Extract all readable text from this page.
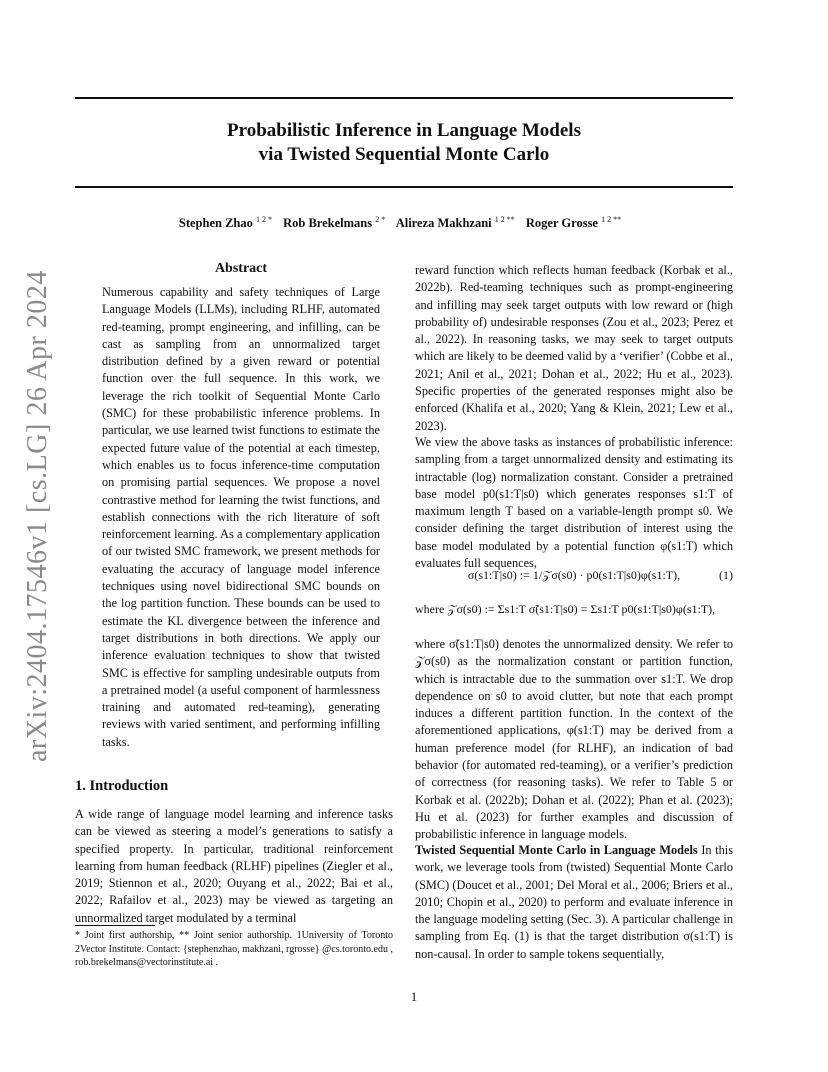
Probabilistic Inference in Language Models
via Twisted Sequential Monte Carlo
Stephen Zhao $^{1 2 *}$ Rob Brekelmans $^{2 *}$ Alireza Makhzani $^{1 2 **}$ Roger Grosse $^{1 2 **}$
arXiv:2404.17546v1 [cs.LG] 26 Apr 2024
Abstract

Numerous capability and safety techniques of Large Language Models (LLMs), including RLHF, automated red-teaming, prompt engineering, and infilling, can be cast as sampling from an unnormalized target distribution defined by a given reward or potential function over the full sequence. In this work, we leverage the rich toolkit of Sequential Monte Carlo (SMC) for these probabilistic inference problems. In particular, we use learned twist functions to estimate the expected future value of the potential at each timestep, which enables us to focus inference-time computation on promising partial sequences. We propose a novel contrastive method for learning the twist functions, and establish connections with the rich literature of soft reinforcement learning. As a complementary application of our twisted SMC framework, we present methods for evaluating the accuracy of language model inference techniques using novel bidirectional SMC bounds on the log partition function. These bounds can be used to estimate the KL divergence between the inference and target distributions in both directions. We apply our inference evaluation techniques to show that twisted SMC is effective for sampling undesirable outputs from a pretrained model (a useful component of harmlessness training and automated red-teaming), generating reviews with varied sentiment, and performing infilling tasks.

1. Introduction

A wide range of language model learning and inference tasks can be viewed as steering a model’s generations to satisfy a specified property. In particular, traditional reinforcement learning from human feedback (RLHF) pipelines (Ziegler et al., 2019; Stiennon et al., 2020; Ouyang et al., 2022; Bai et al., 2022; Rafailov et al., 2023) may be viewed as targeting an unnormalized target modulated by a terminal

* Joint first authorship, ** Joint senior authorship. 1University of Toronto 2Vector Institute. Contact: {stephenzhao, makhzani, rgrosse} @cs.toronto.edu , rob.brekelmans@vectorinstitute.ai .

reward function which reflects human feedback (Korbak et al., 2022b). Red-teaming techniques such as prompt-engineering and infilling may seek target outputs with low reward or (high probability of) undesirable responses (Zou et al., 2023; Perez et al., 2022). In reasoning tasks, we may seek to target outputs which are likely to be deemed valid by a ‘verifier’ (Cobbe et al., 2021; Anil et al., 2021; Dohan et al., 2022; Hu et al., 2023). Specific properties of the generated responses might also be enforced (Khalifa et al., 2020; Yang & Klein, 2021; Lew et al., 2023).

We view the above tasks as instances of probabilistic inference: sampling from a target unnormalized density and estimating its intractable (log) normalization constant. Consider a pretrained base model p0(s1:T|s0) which generates responses s1:T of maximum length T based on a variable-length prompt s0. We consider defining the target distribution of interest using the base model modulated by a potential function φ(s1:T) which evaluates full sequences,

σ(s1:T|s0) := 1/𝒵σ(s0) · p0(s1:T|s0)φ(s1:T),	(1)
where 𝒵σ(s0) := Σs1:T σ̃(s1:T|s0) = Σs1:T p0(s1:T|s0)φ(s1:T),

where σ̃(s1:T|s0) denotes the unnormalized density. We refer to 𝒵σ(s0) as the normalization constant or partition function, which is intractable due to the summation over s1:T. We drop dependence on s0 to avoid clutter, but note that each prompt induces a different partition function. In the context of the aforementioned applications, φ(s1:T) may be derived from a human preference model (for RLHF), an indication of bad behavior (for automated red-teaming), or a verifier’s prediction of correctness (for reasoning tasks). We refer to Table 5 or Korbak et al. (2022b); Dohan et al. (2022); Phan et al. (2023); Hu et al. (2023) for further examples and discussion of probabilistic inference in language models.

Twisted Sequential Monte Carlo in Language Models In this work, we leverage tools from (twisted) Sequential Monte Carlo (SMC) (Doucet et al., 2001; Del Moral et al., 2006; Briers et al., 2010; Chopin et al., 2020) to perform and evaluate inference in the language modeling setting (Sec. 3). A particular challenge in sampling from Eq. (1) is that the target distribution σ(s1:T) is non-causal. In order to sample tokens sequentially,

1
